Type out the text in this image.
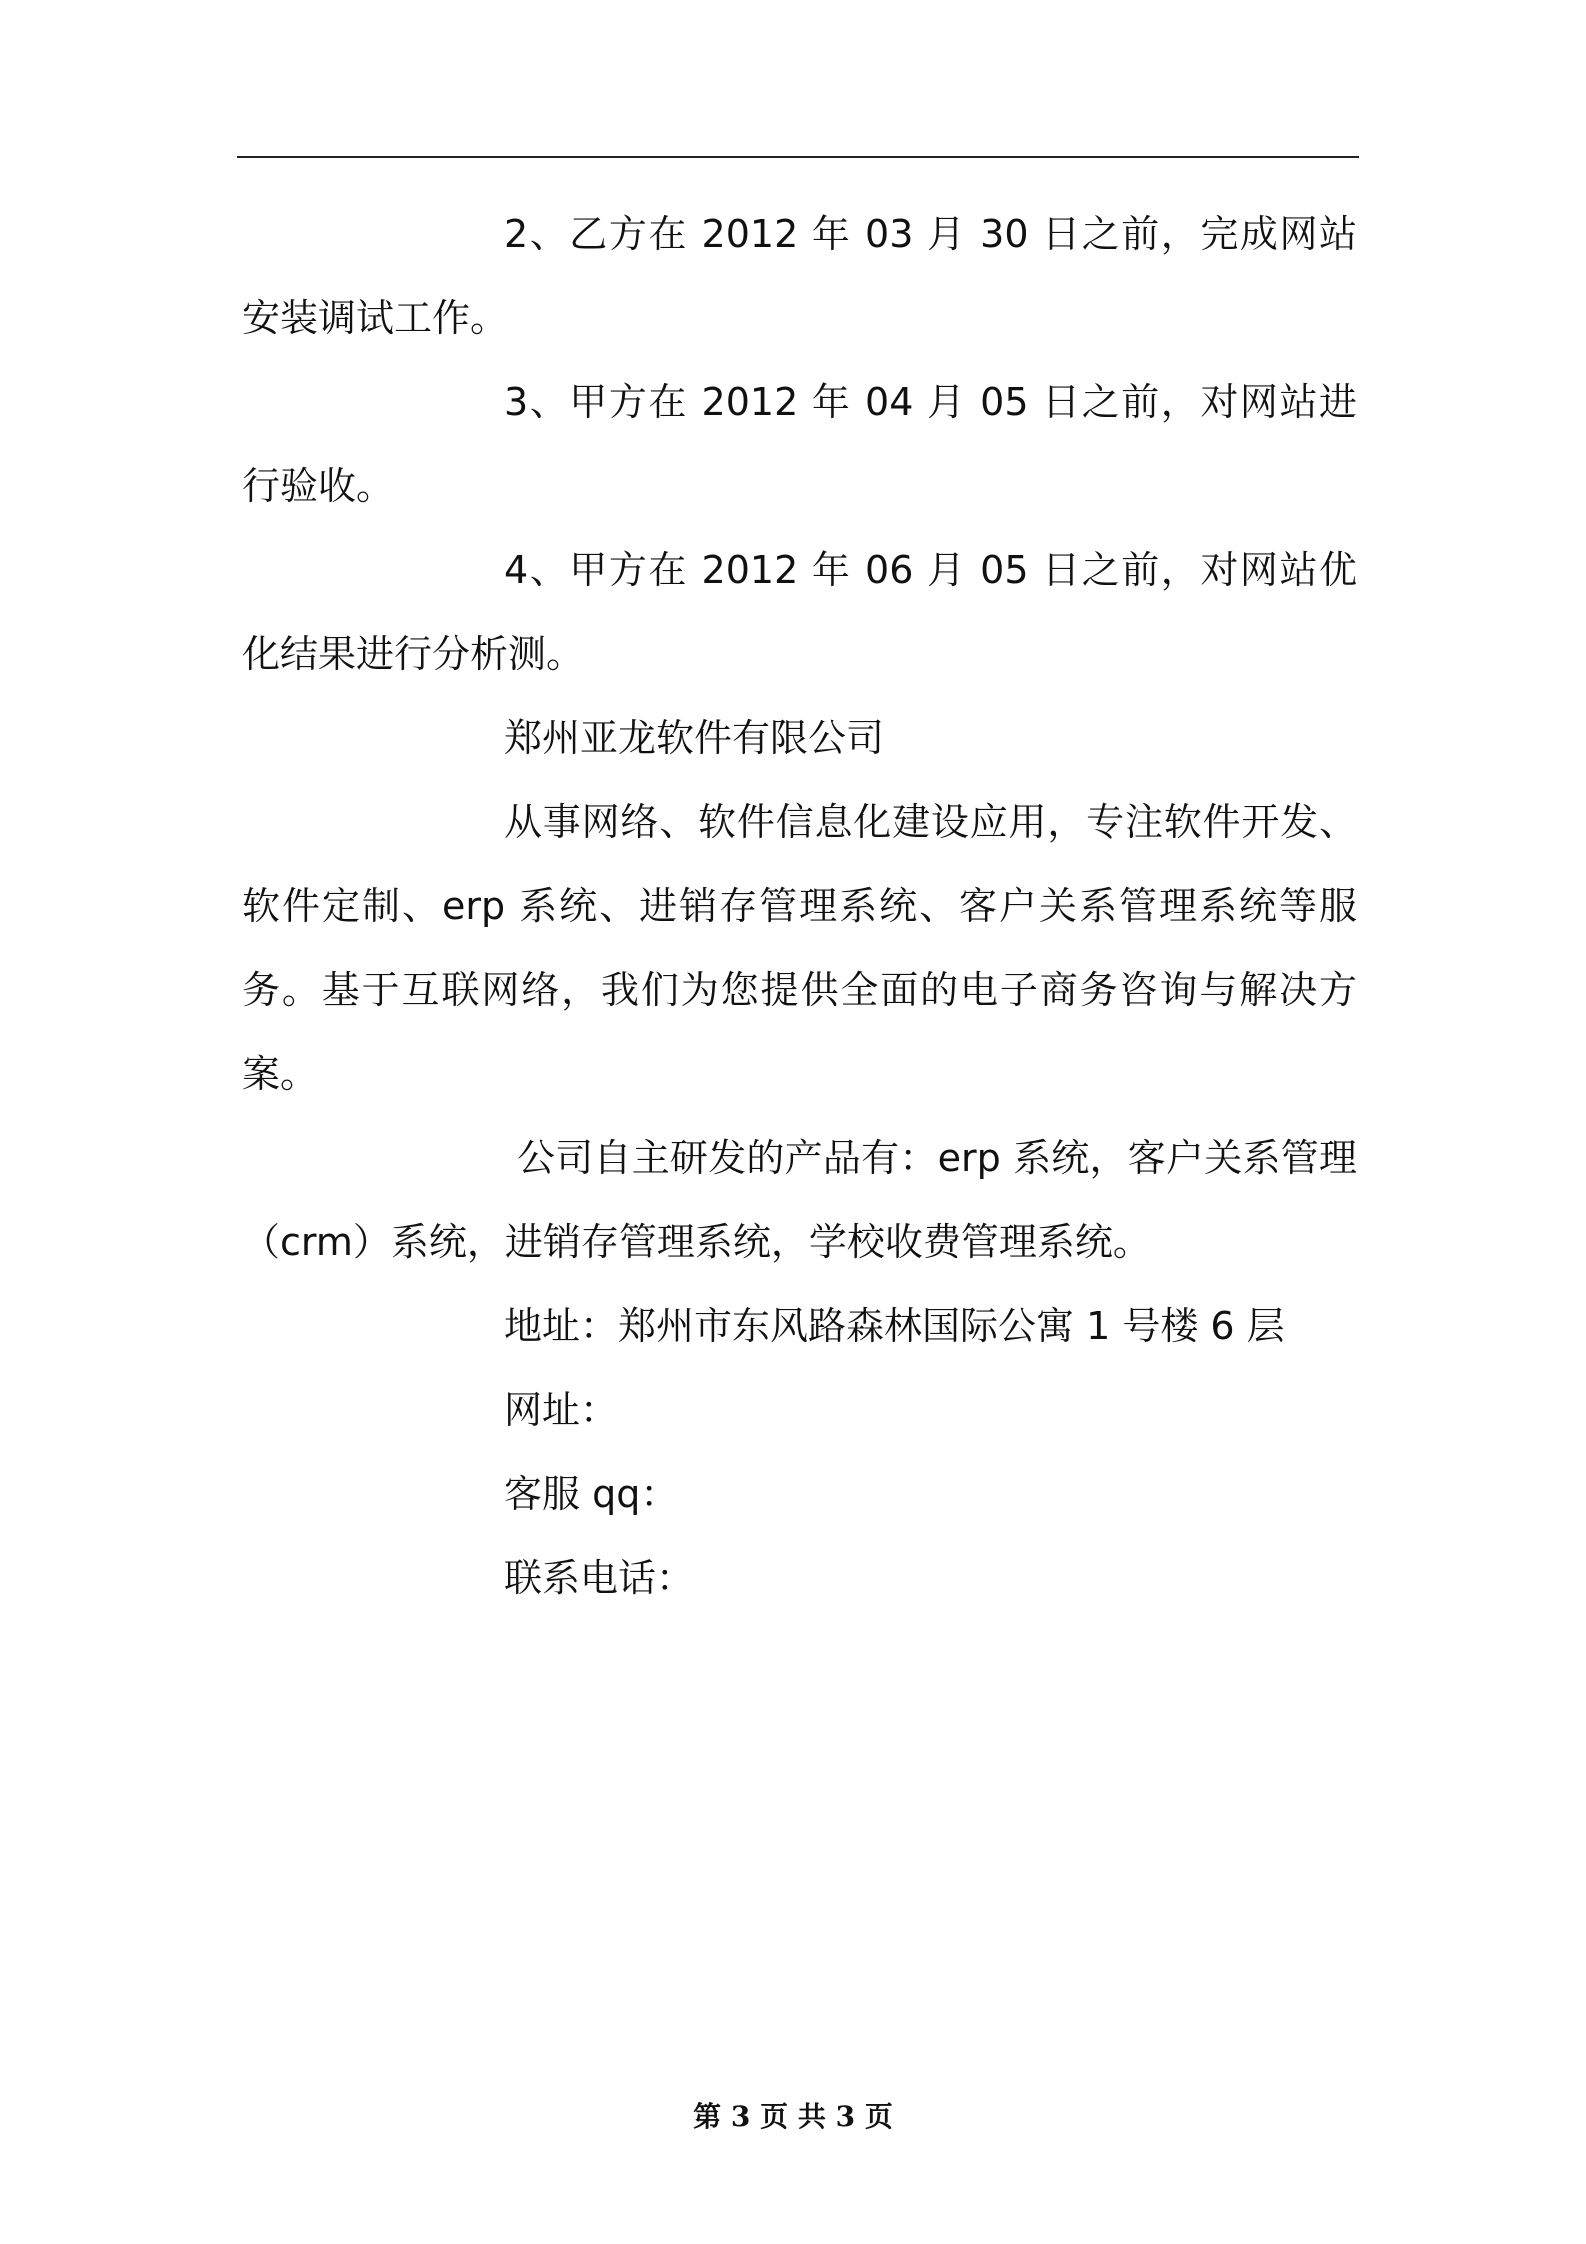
2、乙方在 2012 年 03 月 30 日之前，完成网站安装调试工作。

3、甲方在 2012 年 04 月 05 日之前，对网站进行验收。

4、甲方在 2012 年 06 月 05 日之前，对网站优化结果进行分析测。

郑州亚龙软件有限公司

从事网络、软件信息化建设应用，专注软件开发、软件定制、erp 系统、进销存管理系统、客户关系管理系统等服务。基于互联网络，我们为您提供全面的电子商务咨询与解决方案。

公司自主研发的产品有：erp 系统，客户关系管理（crm）系统，进销存管理系统，学校收费管理系统。

地址：郑州市东风路森林国际公寓 1 号楼 6 层

网址：

客服 qq：

联系电话：

第 3 页 共 3 页
